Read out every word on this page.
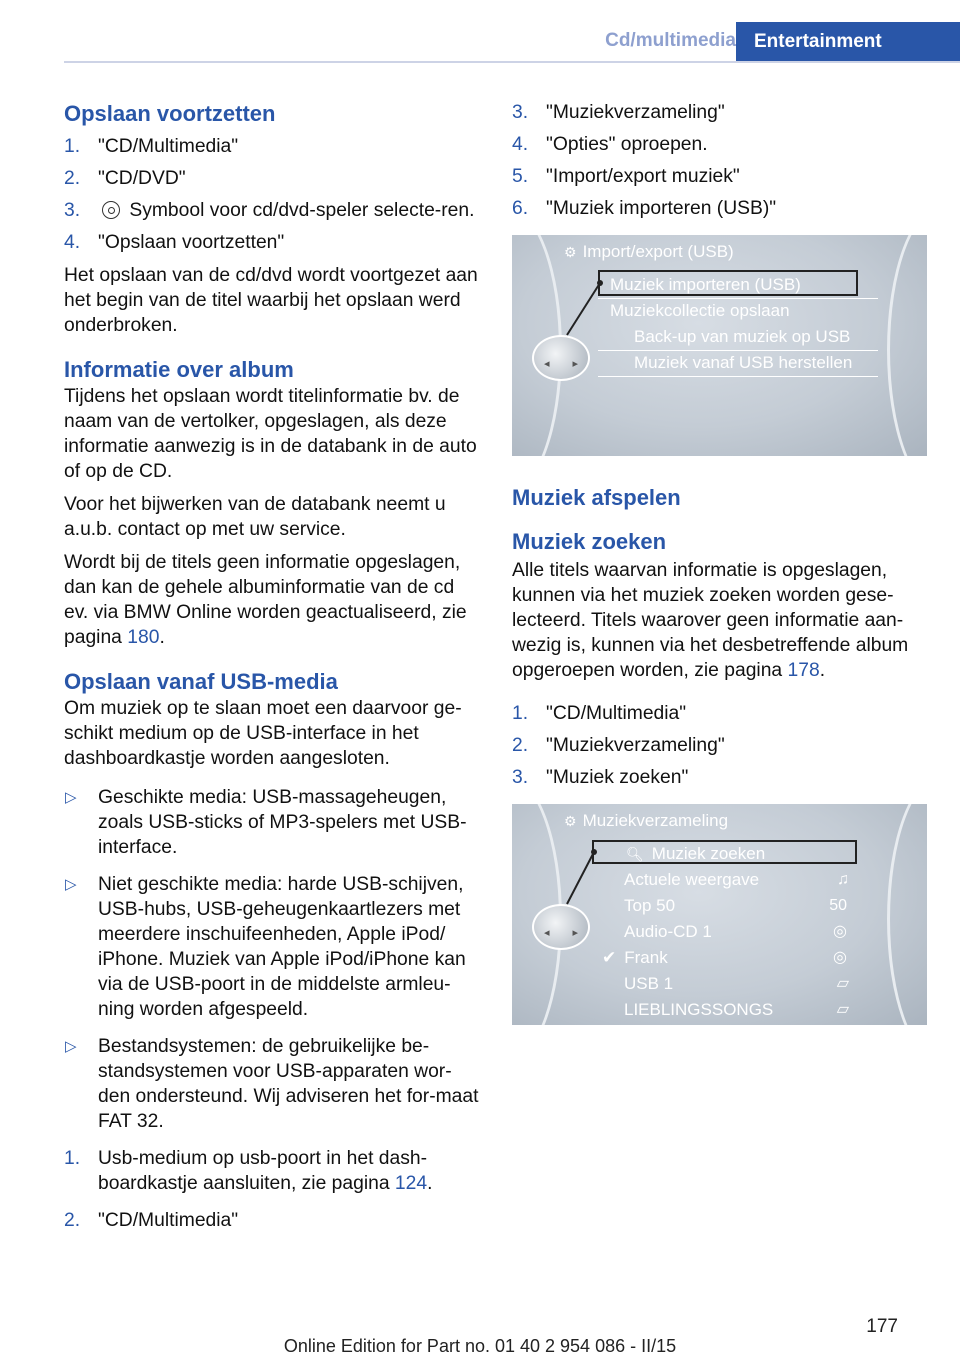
Cd/multimedia Entertainment
Opslaan voortzetten
1. "CD/Multimedia"
2. "CD/DVD"
3.	Symbool voor cd/dvd-speler selecte-ren.
4. "Opslaan voortzetten"

Het opslaan van de cd/dvd wordt voortgezet aan het begin van de titel waarbij het opslaan werd onderbroken.

Informatie over album

Tijdens het opslaan wordt titelinformatie bv. de naam van de vertolker, opgeslagen, als deze informatie aanwezig is in de databank in de auto of op de CD.

Voor het bijwerken van de databank neemt u a.u.b. contact op met uw service.

Wordt bij de titels geen informatie opgeslagen, dan kan de gehele albuminformatie van de cd ev. via BMW Online worden geactualiseerd, zie pagina 180.

Opslaan vanaf USB-media

Om muziek op te slaan moet een daarvoor ge-schikt medium op de USB-interface in het dashboardkastje worden aangesloten.

▷ Geschikte media: USB-massageheugen, zoals USB-sticks of MP3-spelers met USB-interface.
▷ Niet geschikte media: harde USB-schijven, USB-hubs, USB-geheugenkaartlezers met meerdere inschuifeenheden, Apple iPod/ iPhone. Muziek van Apple iPod/iPhone kan via de USB-poort in de middelste armleu-ning worden afgespeeld.
▷ Bestandsystemen: de gebruikelijke be-standsystemen voor USB-apparaten wor-den ondersteund. Wij adviseren het for-maat FAT 32.
1. Usb-medium op usb-poort in het dash-boardkastje aansluiten, zie pagina 124.
2. "CD/Multimedia"
3. "Muziekverzameling"
4. "Opties" oproepen.
5. "Import/export muziek"
6. "Muziek importeren (USB)"
⚙ Import/export (USB)
Muziek importeren (USB)
Muziekcollectie opslaan
Back-up van muziek op USB
Muziek vanaf USB herstellen
◂ ▸
Muziek afspelen
Muziek zoeken

Alle titels waarvan informatie is opgeslagen, kunnen via het muziek zoeken worden gese-lecteerd. Titels waarover geen informatie aan-wezig is, kunnen via het desbetreffende album opgeroepen worden, zie pagina 178.

1. "CD/Multimedia"
2. "Muziekverzameling"
3. "Muziek zoeken"
⚙ Muziekverzameling
🔍︎ Muziek zoeken
Actuele weergave	♫
Top 50	50
Audio-CD 1	◎
✔ Frank	◎
USB 1	▱
LIEBLINGSSONGS	▱
◂ ▸
177
Online Edition for Part no. 01 40 2 954 086 - II/15
